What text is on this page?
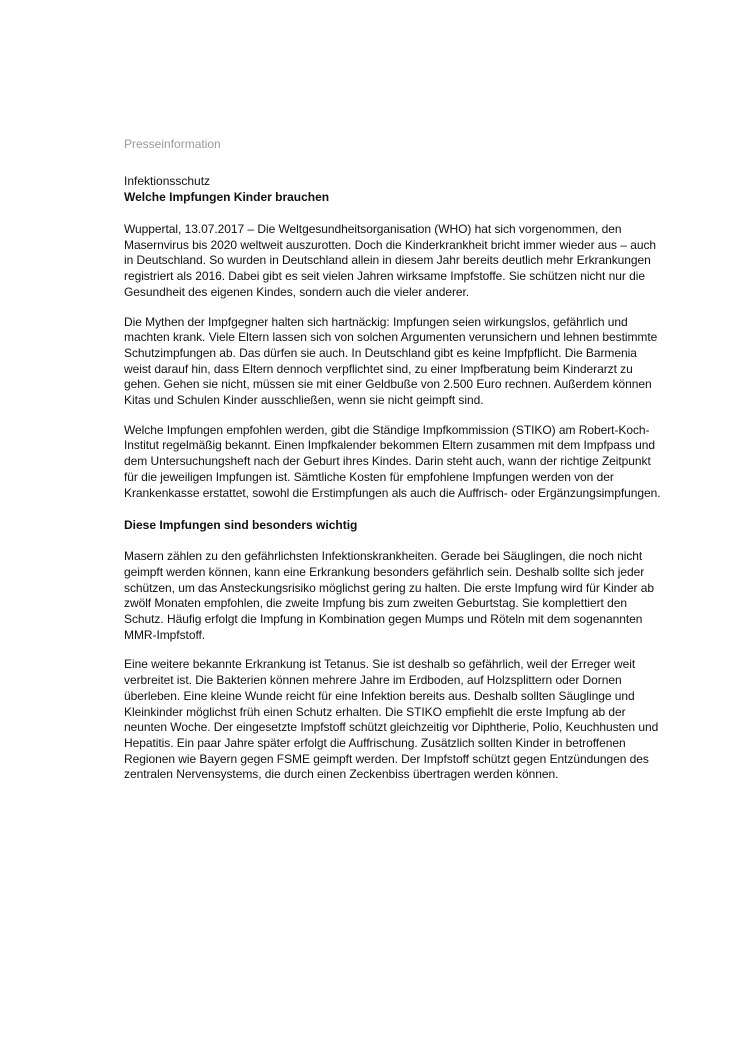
Presseinformation

Infektionsschutz

Welche Impfungen Kinder brauchen

Wuppertal, 13.07.2017 – Die Weltgesundheitsorganisation (WHO) hat sich vorgenommen, den Masernvirus bis 2020 weltweit auszurotten. Doch die Kinderkrankheit bricht immer wieder aus – auch in Deutschland. So wurden in Deutschland allein in diesem Jahr bereits deutlich mehr Erkrankungen registriert als 2016. Dabei gibt es seit vielen Jahren wirksame Impfstoffe. Sie schützen nicht nur die Gesundheit des eigenen Kindes, sondern auch die vieler anderer.

Die Mythen der Impfgegner halten sich hartnäckig: Impfungen seien wirkungslos, gefährlich und machten krank. Viele Eltern lassen sich von solchen Argumenten verunsichern und lehnen bestimmte Schutzimpfungen ab. Das dürfen sie auch. In Deutschland gibt es keine Impfpflicht. Die Barmenia weist darauf hin, dass Eltern dennoch verpflichtet sind, zu einer Impfberatung beim Kinderarzt zu gehen. Gehen sie nicht, müssen sie mit einer Geldbuße von 2.500 Euro rechnen. Außerdem können Kitas und Schulen Kinder ausschließen, wenn sie nicht geimpft sind.

Welche Impfungen empfohlen werden, gibt die Ständige Impfkommission (STIKO) am Robert-Koch-Institut regelmäßig bekannt. Einen Impfkalender bekommen Eltern zusammen mit dem Impfpass und dem Untersuchungsheft nach der Geburt ihres Kindes. Darin steht auch, wann der richtige Zeitpunkt für die jeweiligen Impfungen ist. Sämtliche Kosten für empfohlene Impfungen werden von der Krankenkasse erstattet, sowohl die Erstimpfungen als auch die Auffrisch- oder Ergänzungsimpfungen.

Diese Impfungen sind besonders wichtig

Masern zählen zu den gefährlichsten Infektionskrankheiten. Gerade bei Säuglingen, die noch nicht geimpft werden können, kann eine Erkrankung besonders gefährlich sein. Deshalb sollte sich jeder schützen, um das Ansteckungsrisiko möglichst gering zu halten. Die erste Impfung wird für Kinder ab zwölf Monaten empfohlen, die zweite Impfung bis zum zweiten Geburtstag. Sie komplettiert den Schutz. Häufig erfolgt die Impfung in Kombination gegen Mumps und Röteln mit dem sogenannten MMR-Impfstoff.

Eine weitere bekannte Erkrankung ist Tetanus. Sie ist deshalb so gefährlich, weil der Erreger weit verbreitet ist. Die Bakterien können mehrere Jahre im Erdboden, auf Holzsplittern oder Dornen überleben. Eine kleine Wunde reicht für eine Infektion bereits aus. Deshalb sollten Säuglinge und Kleinkinder möglichst früh einen Schutz erhalten. Die STIKO empfiehlt die erste Impfung ab der neunten Woche. Der eingesetzte Impfstoff schützt gleichzeitig vor Diphtherie, Polio, Keuchhusten und Hepatitis. Ein paar Jahre später erfolgt die Auffrischung. Zusätzlich sollten Kinder in betroffenen Regionen wie Bayern gegen FSME geimpft werden. Der Impfstoff schützt gegen Entzündungen des zentralen Nervensystems, die durch einen Zeckenbiss übertragen werden können.
